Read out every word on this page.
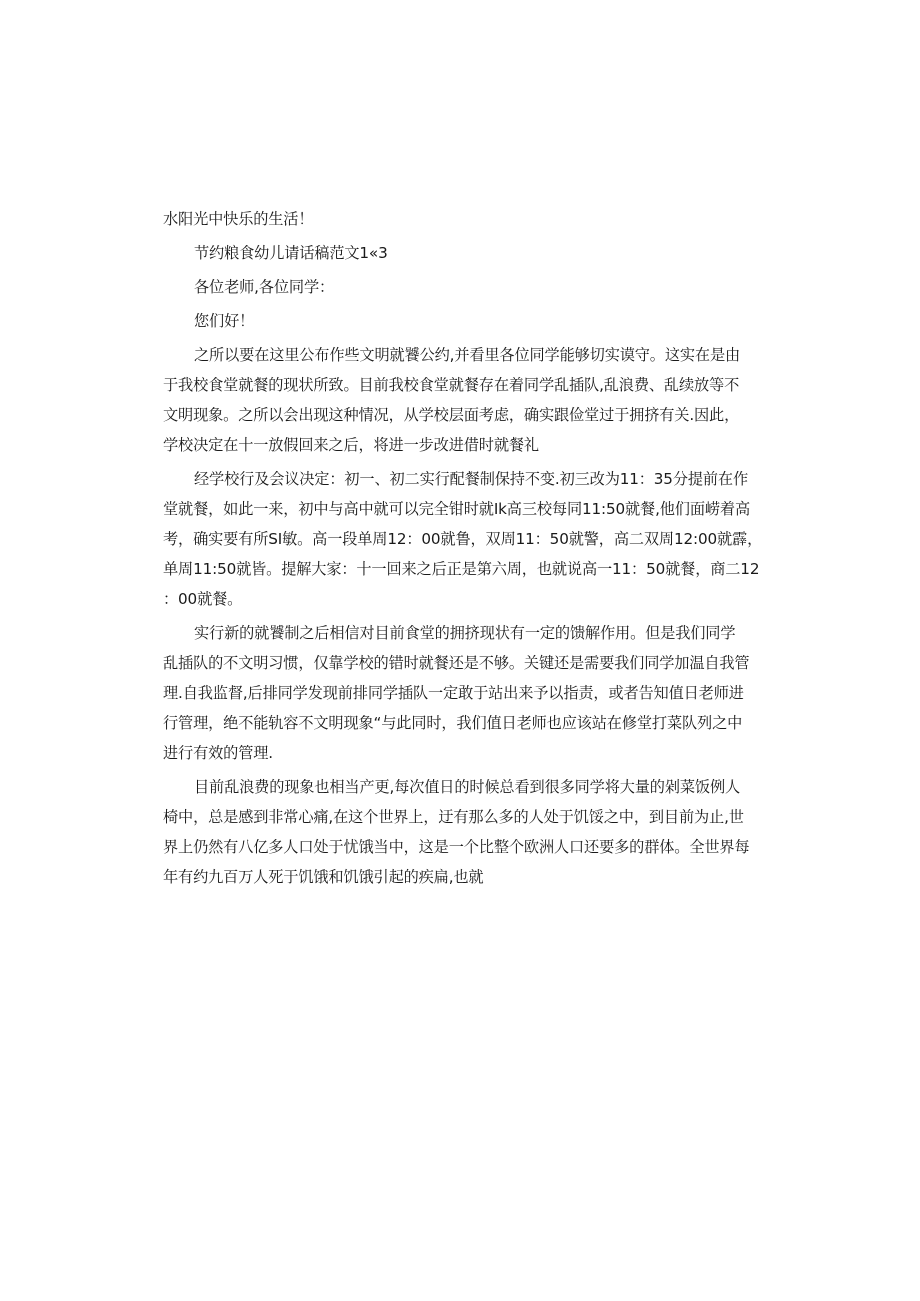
水阳光中快乐的生活！
节约粮食幼儿请话稿范文1«3
各位老师,各位同学：
您们好！
之所以要在这里公布作些文明就饕公约,并看里各位同学能够切实谟守。这实在是由
于我校食堂就餐的现状所致。目前我校食堂就餐存在着同学乱插队,乱浪费、乱续放等不
文明现象。之所以会出现这种情况，从学校层面考虑，确实跟俭堂过于拥挤有关.因此，
学校决定在十一放假回来之后，将进一步改进借时就餐礼
经学校行及会议决定：初一、初二实行配餐制保持不变.初三改为11：35分提前在作
堂就餐，如此一来，初中与高中就可以完全钳时就Ik高三校每同11:50就餐,他们面崂着高
考，确实要有所SI敏。高一段单周12：00就鲁，双周11：50就警，高二双周12:00就霹，
单周11:50就皆。提解大家：十一回来之后正是第六周，也就说高一11：50就餐，商二12
：00就餐。
实行新的就饕制之后相信对目前食堂的拥挤现状有一定的馈解作用。但是我们同学
乱插队的不文明习惯，仅靠学校的错时就餐还是不够。关键还是需要我们同学加温自我管
理.自我监督,后排同学发现前排同学插队一定敢于站出来予以指责，或者告知值日老师进
行管理，绝不能轨容不文明现象“与此同时，我们值日老师也应该站在修堂打菜队列之中
进行有效的管理.
目前乱浪费的现象也相当产更,每次值日的时候总看到很多同学将大量的剁菜饭例人
椅中，总是感到非常心痛,在这个世界上，迂有那么多的人处于饥馁之中，到目前为止,世
界上仍然有八亿多人口处于忧饿当中，这是一个比整个欧洲人口还要多的群体。全世界每
年有约九百万人死于饥饿和饥饿引起的疾扁,也就
